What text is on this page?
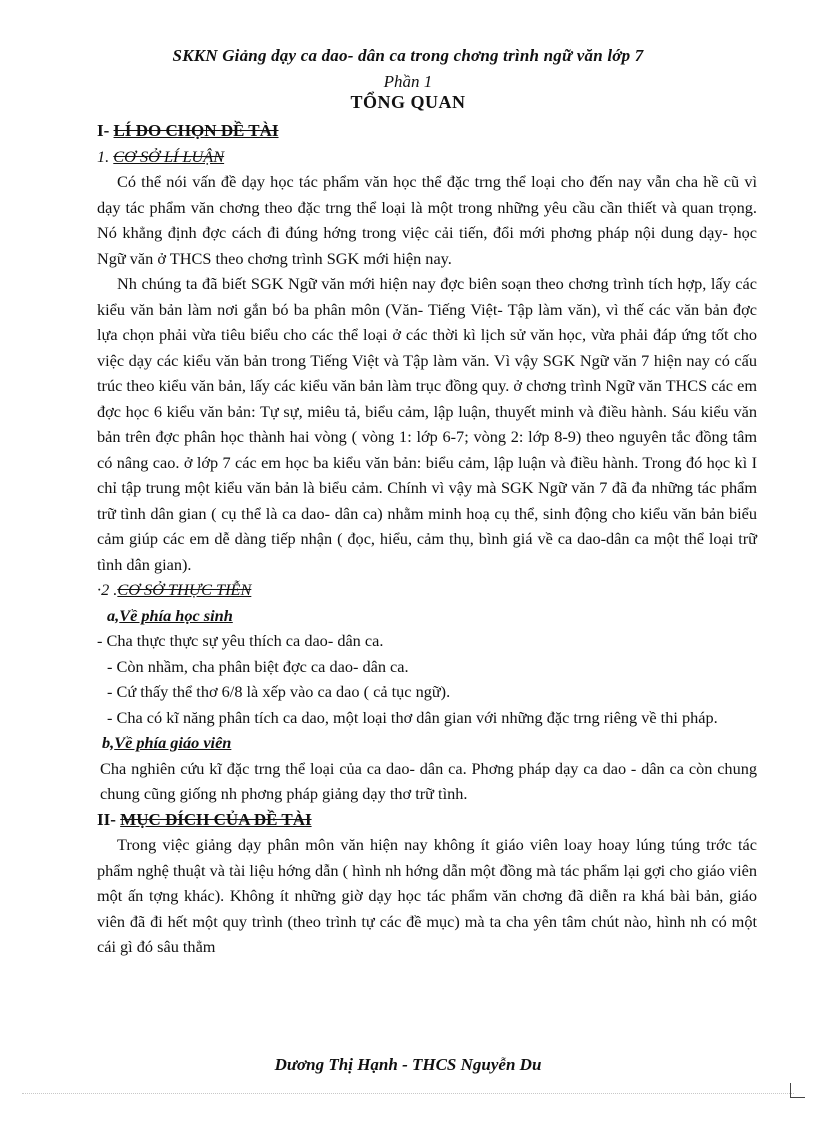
SKKN Giảng dạy ca dao- dân ca trong chơng trình ngữ văn lớp 7
Phần 1
TỔNG QUAN

I- LÍ DO CHỌN ĐỀ TÀI

1. CƠ SỞ LÍ LUẬN

Có thể nói vấn đề dạy học tác phẩm văn học thể đặc trng thể loại cho đến nay vẫn cha hề cũ vì dạy tác phẩm văn chơng theo đặc trng thể loại là một trong những yêu cầu cần thiết và quan trọng. Nó khẳng định đợc cách đi đúng hớng trong việc cải tiến, đổi mới phơng pháp nội dung dạy- học Ngữ văn ở THCS theo chơng trình SGK mới hiện nay.

Nh chúng ta đã biết SGK Ngữ văn mới hiện nay đợc biên soạn theo chơng trình tích hợp, lấy các kiểu văn bản làm nơi gắn bó ba phân môn (Văn- Tiếng Việt- Tập làm văn), vì thế các văn bản đợc lựa chọn phải vừa tiêu biểu cho các thể loại ở các thời kì lịch sử văn học, vừa phải đáp ứng tốt cho việc dạy các kiểu văn bản trong Tiếng Việt và Tập làm văn. Vì vậy SGK Ngữ văn 7 hiện nay có cấu trúc theo kiểu văn bản, lấy các kiểu văn bản làm trục đồng quy. ở chơng trình Ngữ văn THCS các em đợc học 6 kiểu văn bản: Tự sự, miêu tả, biểu cảm, lập luận, thuyết minh và điều hành. Sáu kiểu văn bản trên đợc phân học thành hai vòng ( vòng 1: lớp 6-7; vòng 2: lớp 8-9) theo nguyên tắc đồng tâm có nâng cao. ở lớp 7 các em học ba kiểu văn bản: biểu cảm, lập luận và điều hành. Trong đó học kì I chỉ tập trung một kiểu văn bản là biểu cảm. Chính vì vậy mà SGK Ngữ văn 7 đã đa những tác phẩm trữ tình dân gian ( cụ thể là ca dao- dân ca) nhằm minh hoạ cụ thể, sinh động cho kiểu văn bản biểu cảm giúp các em dễ dàng tiếp nhận ( đọc, hiểu, cảm thụ, bình giá về ca dao-dân ca một thể loại trữ tình dân gian).

·2 .CƠ SỞ THỰC TIỄN

a,Về phía học sinh

- Cha thực thực sự yêu thích ca dao- dân ca.

- Còn nhầm, cha phân biệt đợc ca dao- dân ca.

- Cứ thấy thể thơ 6/8 là xếp vào ca dao ( cả tục ngữ).

- Cha có kĩ năng phân tích ca dao, một loại thơ dân gian với những đặc trng riêng về thi pháp.

b,Về phía giáo viên

Cha nghiên cứu kĩ đặc trng thể loại của ca dao- dân ca. Phơng pháp dạy ca dao - dân ca còn chung chung cũng giống nh phơng pháp giảng dạy thơ trữ tình.

II- MỤC ĐÍCH CỦA ĐỀ TÀI

Trong việc giảng dạy phân môn văn hiện nay không ít giáo viên loay hoay lúng túng trớc tác phẩm nghệ thuật và tài liệu hớng dẫn ( hình nh hớng dẫn một đồng mà tác phẩm lại gợi cho giáo viên một ấn tợng khác). Không ít những giờ dạy học tác phẩm văn chơng đã diễn ra khá bài bản, giáo viên đã đi hết một quy trình (theo trình tự các đề mục) mà ta cha yên tâm chút nào, hình nh có một cái gì đó sâu thẳm

Dương Thị Hạnh - THCS Nguyễn Du
